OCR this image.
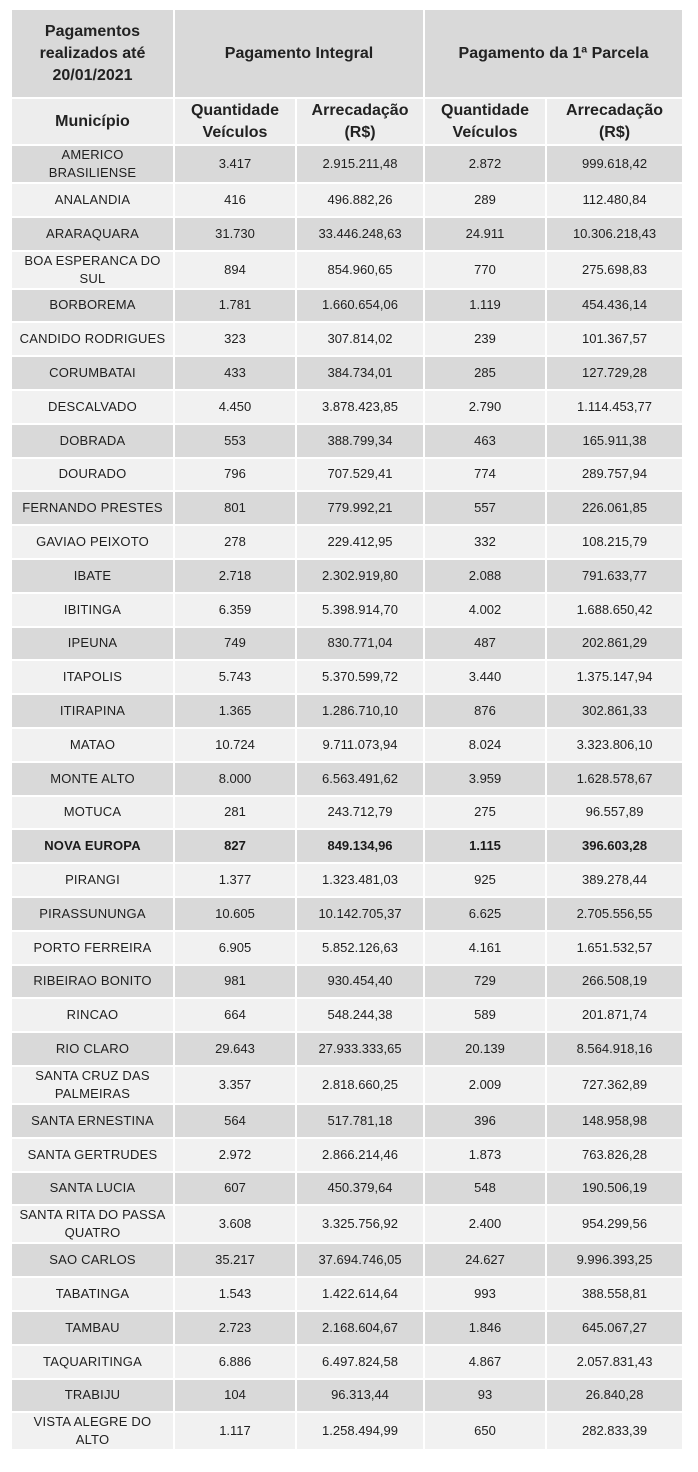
Pagamentos realizados até 20/01/2021	Pagamento Integral		Pagamento da 1ª Parcela	
Município	Quantidade Veículos	Arrecadação (R$)	Quantidade Veículos	Arrecadação (R$)
AMERICO BRASILIENSE	3.417	2.915.211,48	2.872	999.618,42
ANALANDIA	416	496.882,26	289	112.480,84
ARARAQUARA	31.730	33.446.248,63	24.911	10.306.218,43
BOA ESPERANCA DO SUL	894	854.960,65	770	275.698,83
BORBOREMA	1.781	1.660.654,06	1.119	454.436,14
CANDIDO RODRIGUES	323	307.814,02	239	101.367,57
CORUMBATAI	433	384.734,01	285	127.729,28
DESCALVADO	4.450	3.878.423,85	2.790	1.114.453,77
DOBRADA	553	388.799,34	463	165.911,38
DOURADO	796	707.529,41	774	289.757,94
FERNANDO PRESTES	801	779.992,21	557	226.061,85
GAVIAO PEIXOTO	278	229.412,95	332	108.215,79
IBATE	2.718	2.302.919,80	2.088	791.633,77
IBITINGA	6.359	5.398.914,70	4.002	1.688.650,42
IPEUNA	749	830.771,04	487	202.861,29
ITAPOLIS	5.743	5.370.599,72	3.440	1.375.147,94
ITIRAPINA	1.365	1.286.710,10	876	302.861,33
MATAO	10.724	9.711.073,94	8.024	3.323.806,10
MONTE ALTO	8.000	6.563.491,62	3.959	1.628.578,67
MOTUCA	281	243.712,79	275	96.557,89
NOVA EUROPA	827	849.134,96	1.115	396.603,28
PIRANGI	1.377	1.323.481,03	925	389.278,44
PIRASSUNUNGA	10.605	10.142.705,37	6.625	2.705.556,55
PORTO FERREIRA	6.905	5.852.126,63	4.161	1.651.532,57
RIBEIRAO BONITO	981	930.454,40	729	266.508,19
RINCAO	664	548.244,38	589	201.871,74
RIO CLARO	29.643	27.933.333,65	20.139	8.564.918,16
SANTA CRUZ DAS PALMEIRAS	3.357	2.818.660,25	2.009	727.362,89
SANTA ERNESTINA	564	517.781,18	396	148.958,98
SANTA GERTRUDES	2.972	2.866.214,46	1.873	763.826,28
SANTA LUCIA	607	450.379,64	548	190.506,19
SANTA RITA DO PASSA QUATRO	3.608	3.325.756,92	2.400	954.299,56
SAO CARLOS	35.217	37.694.746,05	24.627	9.996.393,25
TABATINGA	1.543	1.422.614,64	993	388.558,81
TAMBAU	2.723	2.168.604,67	1.846	645.067,27
TAQUARITINGA	6.886	6.497.824,58	4.867	2.057.831,43
TRABIJU	104	96.313,44	93	26.840,28
VISTA ALEGRE DO ALTO	1.117	1.258.494,99	650	282.833,39
